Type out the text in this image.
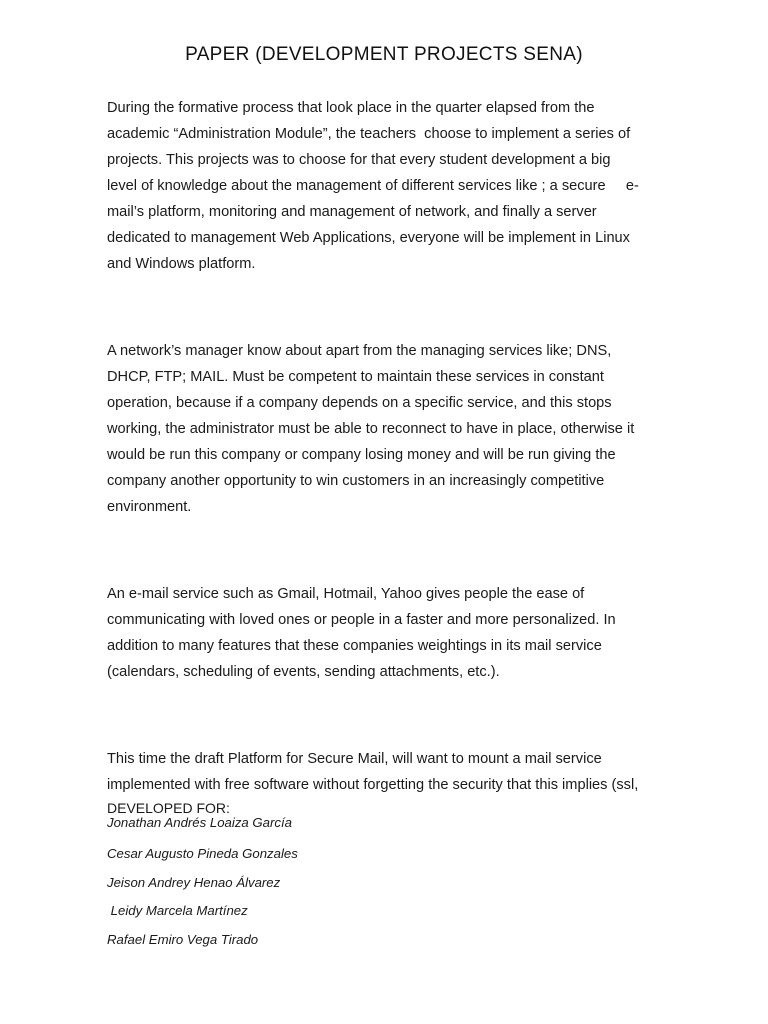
PAPER (DEVELOPMENT PROJECTS SENA)
During the formative process that look place in the quarter elapsed from the
academic “Administration Module”, the teachers  choose to implement a series of
projects. This projects was to choose for that every student development a big
level of knowledge about the management of different services like ; a secure     e-
mail’s platform, monitoring and management of network, and finally a server
dedicated to management Web Applications, everyone will be implement in Linux
and Windows platform.
A network’s manager know about apart from the managing services like; DNS,
DHCP, FTP; MAIL. Must be competent to maintain these services in constant
operation, because if a company depends on a specific service, and this stops
working, the administrator must be able to reconnect to have in place, otherwise it
would be run this company or company losing money and will be run giving the
company another opportunity to win customers in an increasingly competitive
environment.
An e-mail service such as Gmail, Hotmail, Yahoo gives people the ease of
communicating with loved ones or people in a faster and more personalized. In
addition to many features that these companies weightings in its mail service
(calendars, scheduling of events, sending attachments, etc.).
This time the draft Platform for Secure Mail, will want to mount a mail service
implemented with free software without forgetting the security that this implies (ssl,
DEVELOPED FOR:
Jonathan Andrés Loaiza García
Cesar Augusto Pineda Gonzales
Jeison Andrey Henao Álvarez
Leidy Marcela Martínez
Rafael Emiro Vega Tirado
